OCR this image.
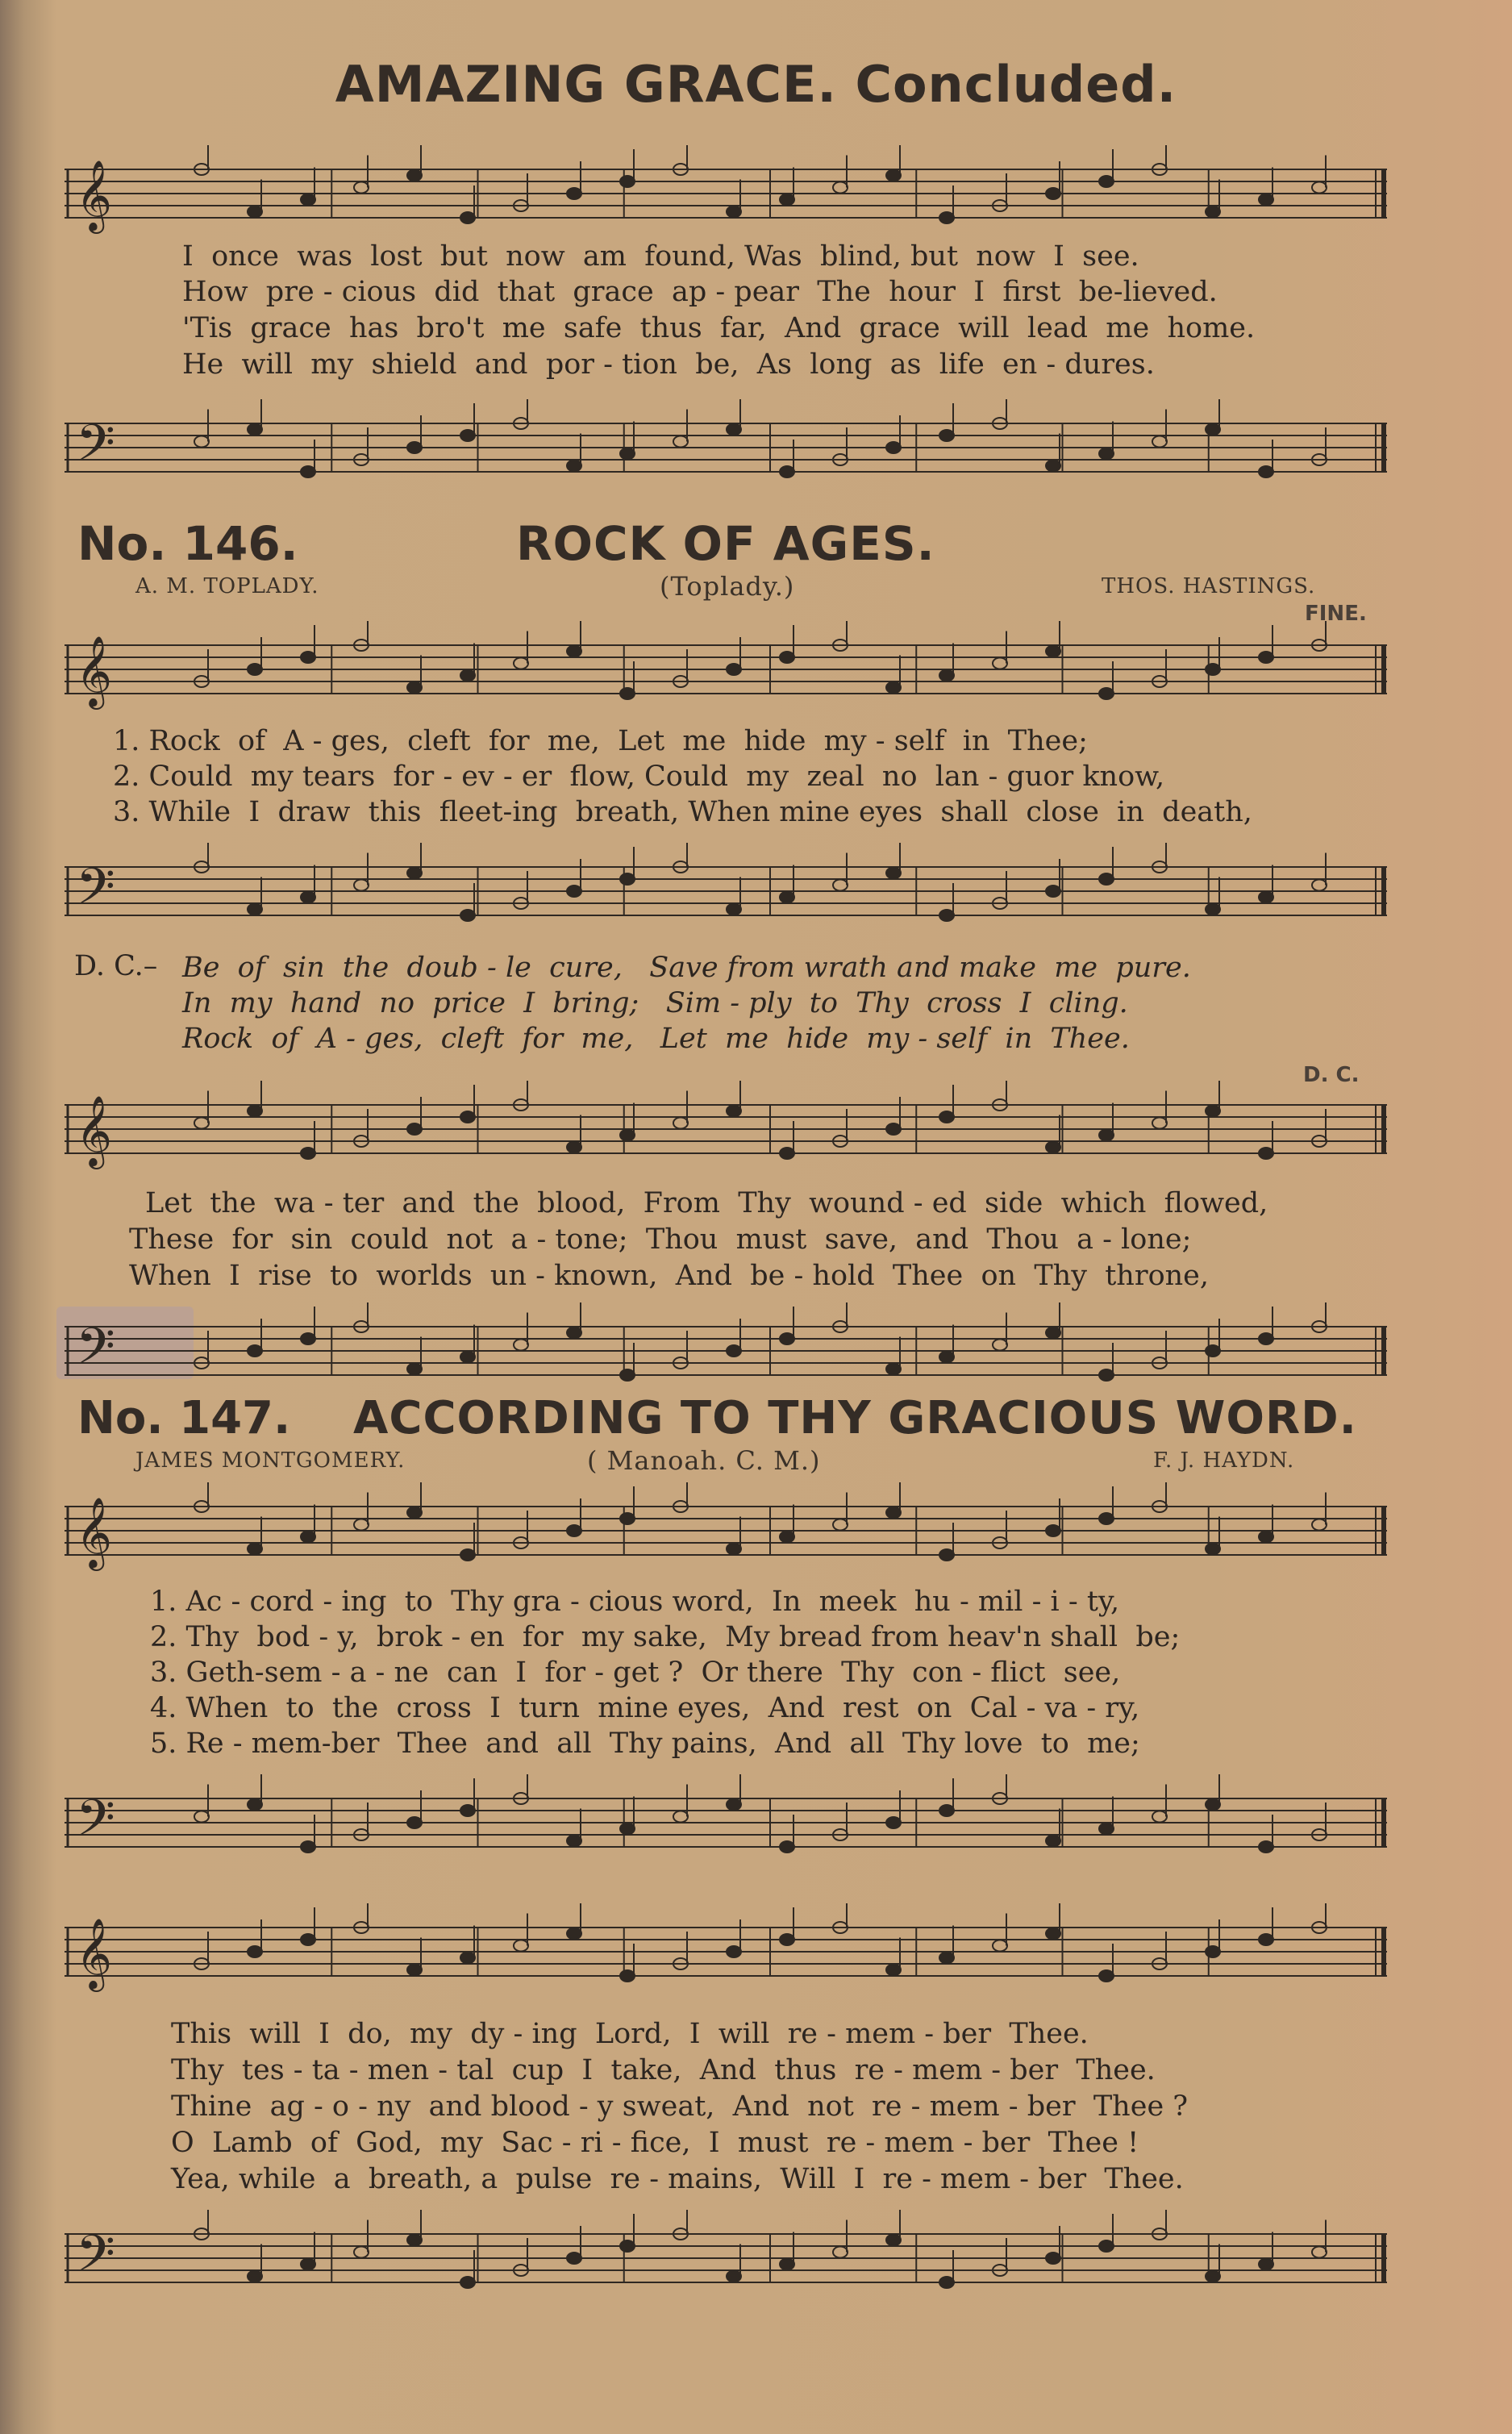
AMAZING GRACE. Concluded.
𝄞
I  once  was  lost  but  now  am  found, Was  blind, but  now  I  see.
How  pre - cious  did  that  grace  ap - pear  The  hour  I  first  be-lieved.
'Tis  grace  has  bro't  me  safe  thus  far,  And  grace  will  lead  me  home.
He  will  my  shield  and  por - tion  be,  As  long  as  life  en - dures.
𝄢
No. 146.	ROCK OF AGES.
A. M. TOPLADY.	(Toplady.)	THOS. HASTINGS.
FINE.
𝄞
1. Rock  of  A - ges,  cleft  for  me,  Let  me  hide  my - self  in  Thee;
2. Could  my tears  for - ev - er  flow, Could  my  zeal  no  lan - guor know,
3. While  I  draw  this  fleet-ing  breath, When mine eyes  shall  close  in  death,
𝄢
D. C.– Be  of  sin  the  doub - le  cure,   Save from wrath and make  me  pure.
In  my  hand  no  price  I  bring;   Sim - ply  to  Thy  cross  I  cling.
Rock  of  A - ges,  cleft  for  me,   Let  me  hide  my - self  in  Thee.
D. C.
𝄞
Let  the  wa - ter  and  the  blood,  From  Thy  wound - ed  side  which  flowed,
These  for  sin  could  not  a - tone;  Thou  must  save,  and  Thou  a - lone;
When  I  rise  to  worlds  un - known,  And  be - hold  Thee  on  Thy  throne,
𝄢
No. 147. ACCORDING TO THY GRACIOUS WORD.
JAMES MONTGOMERY.	( Manoah. C. M.)	F. J. HAYDN.
𝄞
1. Ac - cord - ing  to  Thy gra - cious word,  In  meek  hu - mil - i - ty,
2. Thy  bod - y,  brok - en  for  my sake,  My bread from heav'n shall  be;
3. Geth-sem - a - ne  can  I  for - get ?  Or there  Thy  con - flict  see,
4. When  to  the  cross  I  turn  mine eyes,  And  rest  on  Cal - va - ry,
5. Re - mem-ber  Thee  and  all  Thy pains,  And  all  Thy love  to  me;
𝄢
𝄞
This  will  I  do,  my  dy - ing  Lord,  I  will  re - mem - ber  Thee.
Thy  tes - ta - men - tal  cup  I  take,  And  thus  re - mem - ber  Thee.
Thine  ag - o - ny  and blood - y sweat,  And  not  re - mem - ber  Thee ?
O  Lamb  of  God,  my  Sac - ri - fice,  I  must  re - mem - ber  Thee !
Yea, while  a  breath, a  pulse  re - mains,  Will  I  re - mem - ber  Thee.
𝄢
